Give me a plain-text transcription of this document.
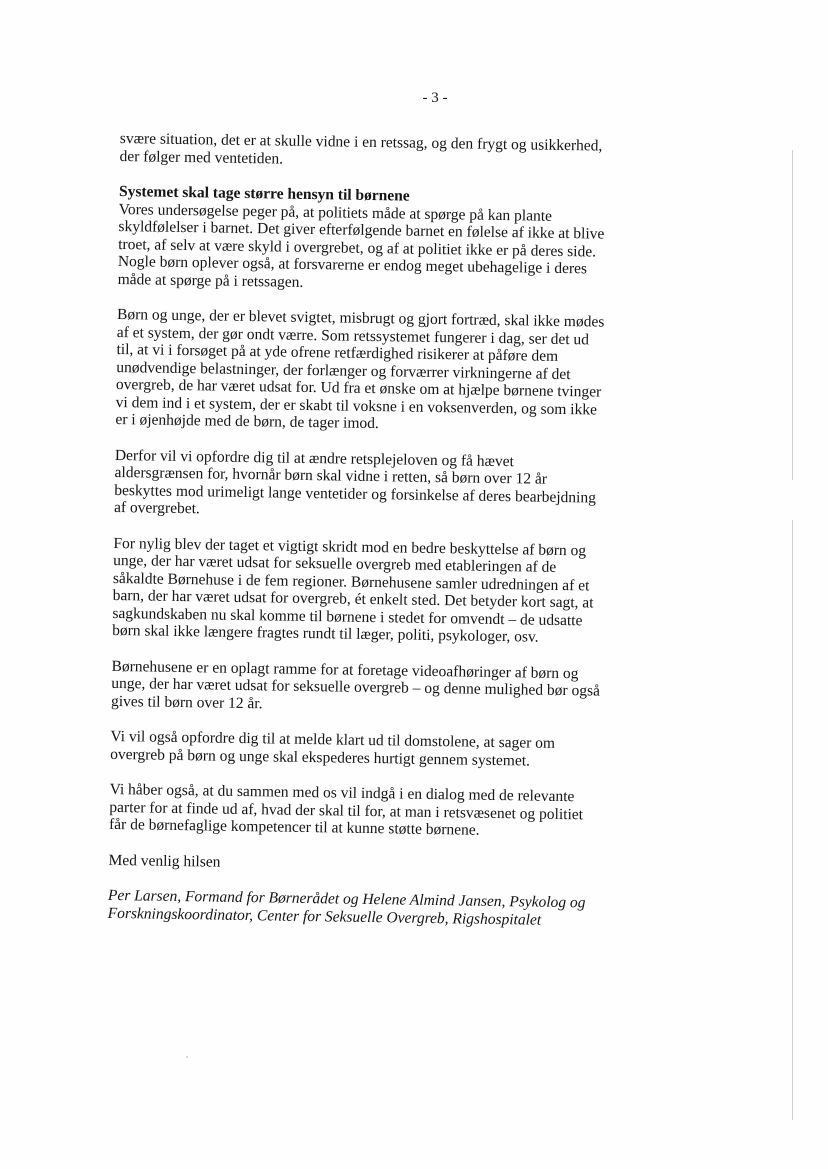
- 3 -

svære situation, det er at skulle vidne i en retssag, og den frygt og usikkerhed, der følger med ventetiden.

Systemet skal tage større hensyn til børnene
Vores undersøgelse peger på, at politiets måde at spørge på kan plante skyldfølelser i barnet. Det giver efterfølgende barnet en følelse af ikke at blive troet, af selv at være skyld i overgrebet, og af at politiet ikke er på deres side. Nogle børn oplever også, at forsvarerne er endog meget ubehagelige i deres måde at spørge på i retssagen.

Børn og unge, der er blevet svigtet, misbrugt og gjort fortræd, skal ikke mødes af et system, der gør ondt værre. Som retssystemet fungerer i dag, ser det ud til, at vi i forsøget på at yde ofrene retfærdighed risikerer at påføre dem unødvendige belastninger, der forlænger og forværrer virkningerne af det overgreb, de har været udsat for. Ud fra et ønske om at hjælpe børnene tvinger vi dem ind i et system, der er skabt til voksne i en voksenverden, og som ikke er i øjenhøjde med de børn, de tager imod.

Derfor vil vi opfordre dig til at ændre retsplejeloven og få hævet aldersgrænsen for, hvornår børn skal vidne i retten, så børn over 12 år beskyttes mod urimeligt lange ventetider og forsinkelse af deres bearbejdning af overgrebet.

For nylig blev der taget et vigtigt skridt mod en bedre beskyttelse af børn og unge, der har været udsat for seksuelle overgreb med etableringen af de såkaldte Børnehuse i de fem regioner. Børnehusene samler udredningen af et barn, der har været udsat for overgreb, ét enkelt sted. Det betyder kort sagt, at sagkundskaben nu skal komme til børnene i stedet for omvendt – de udsatte børn skal ikke længere fragtes rundt til læger, politi, psykologer, osv.

Børnehusene er en oplagt ramme for at foretage videoafhøringer af børn og unge, der har været udsat for seksuelle overgreb – og denne mulighed bør også gives til børn over 12 år.

Vi vil også opfordre dig til at melde klart ud til domstolene, at sager om overgreb på børn og unge skal ekspederes hurtigt gennem systemet.

Vi håber også, at du sammen med os vil indgå i en dialog med de relevante parter for at finde ud af, hvad der skal til for, at man i retsvæsenet og politiet får de børnefaglige kompetencer til at kunne støtte børnene.

Med venlig hilsen

Per Larsen, Formand for Børnerådet og Helene Almind Jansen, Psykolog og Forskningskoordinator, Center for Seksuelle Overgreb, Rigshospitalet
